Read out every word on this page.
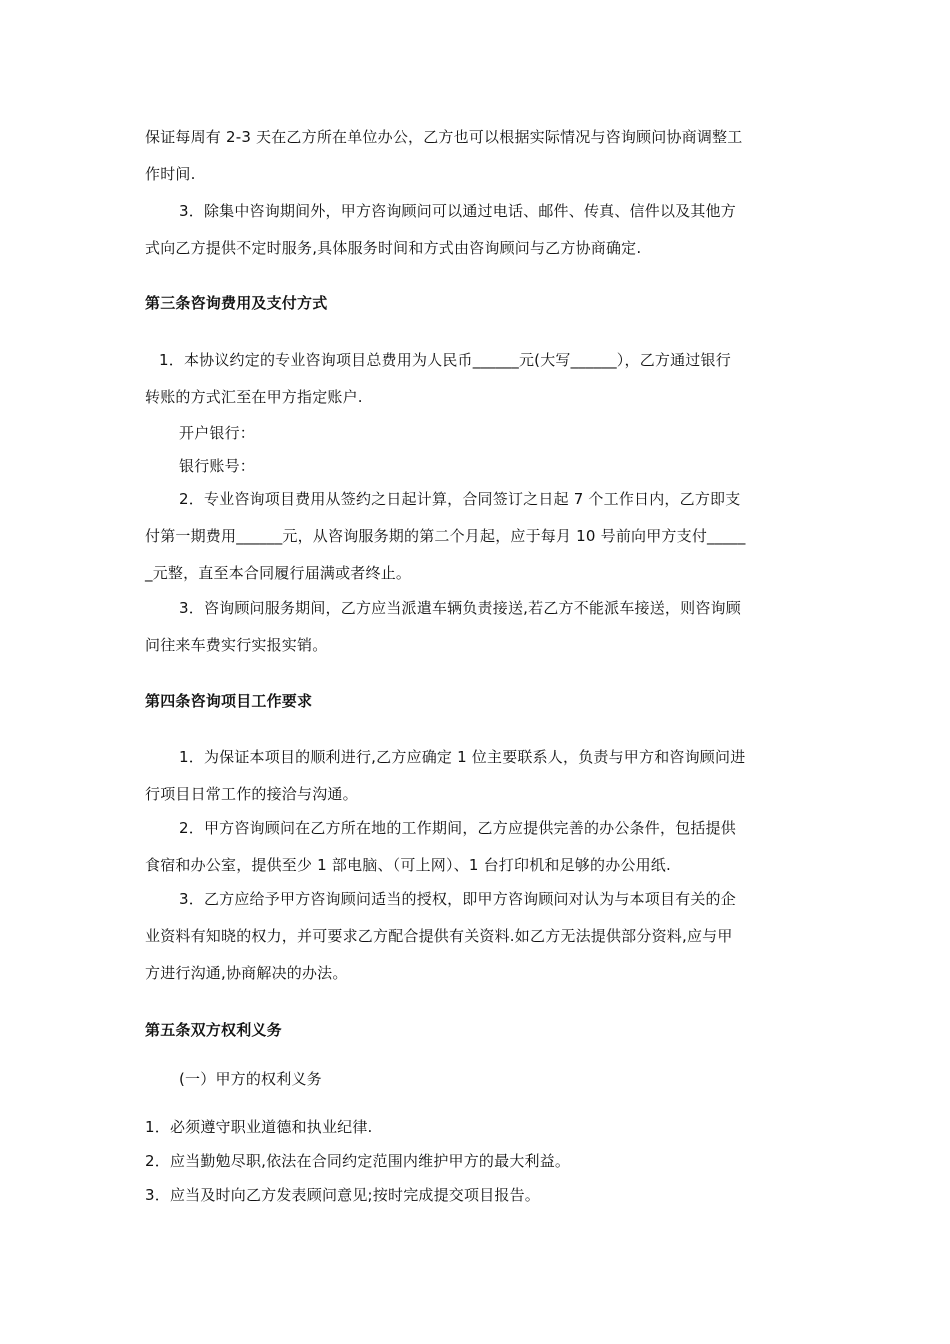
保证每周有 2-3 天在乙方所在单位办公，乙方也可以根据实际情况与咨询顾问协商调整工
作时间.
3．除集中咨询期间外，甲方咨询顾问可以通过电话、邮件、传真、信件以及其他方
式向乙方提供不定时服务,具体服务时间和方式由咨询顾问与乙方协商确定.
第三条咨询费用及支付方式
1．本协议约定的专业咨询项目总费用为人民币______元(大写______），乙方通过银行
转账的方式汇至在甲方指定账户.
开户银行：
银行账号：
2．专业咨询项目费用从签约之日起计算，合同签订之日起 7 个工作日内，乙方即支
付第一期费用______元，从咨询服务期的第二个月起，应于每月 10 号前向甲方支付_____
_元整，直至本合同履行届满或者终止。
3．咨询顾问服务期间，乙方应当派遣车辆负责接送,若乙方不能派车接送，则咨询顾
问往来车费实行实报实销。
第四条咨询项目工作要求
1．为保证本项目的顺利进行,乙方应确定 1 位主要联系人，负责与甲方和咨询顾问进
行项目日常工作的接洽与沟通。
2．甲方咨询顾问在乙方所在地的工作期间，乙方应提供完善的办公条件，包括提供
食宿和办公室，提供至少 1 部电脑、（可上网）、1 台打印机和足够的办公用纸.
3．乙方应给予甲方咨询顾问适当的授权，即甲方咨询顾问对认为与本项目有关的企
业资料有知晓的权力，并可要求乙方配合提供有关资料.如乙方无法提供部分资料,应与甲
方进行沟通,协商解决的办法。
第五条双方权利义务
(一）甲方的权利义务
1．必须遵守职业道德和执业纪律.
2．应当勤勉尽职,依法在合同约定范围内维护甲方的最大利益。
3．应当及时向乙方发表顾问意见;按时完成提交项目报告。
